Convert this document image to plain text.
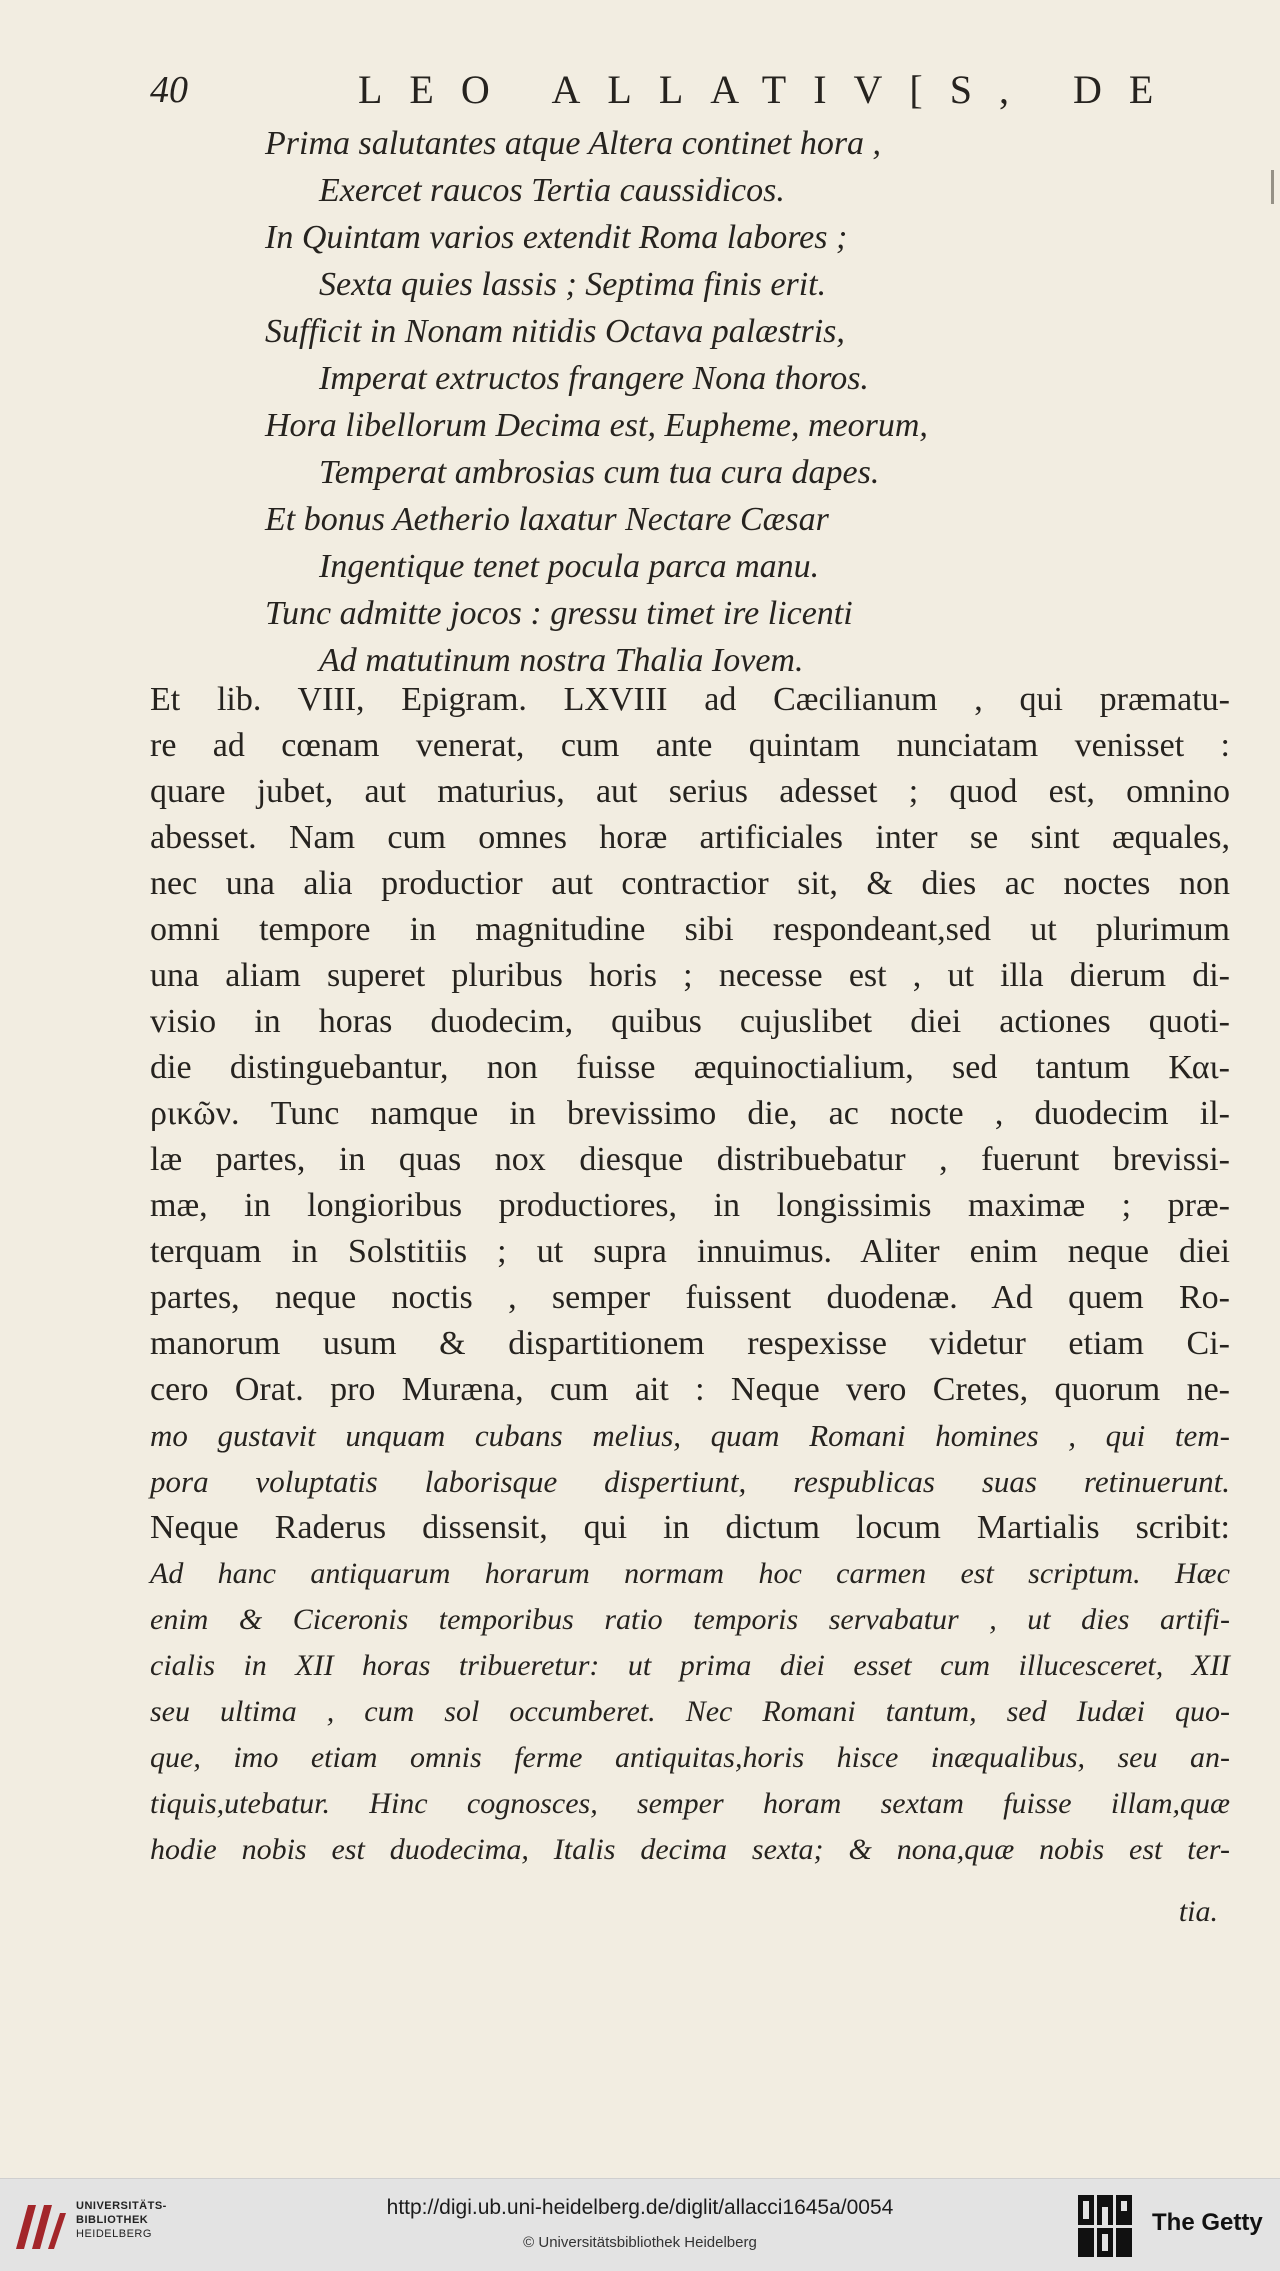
40	LEO ALLATIV[S, DE
Prima salutantes atque Altera continet hora ,
Exercet raucos Tertia caussidicos.
In Quintam varios extendit Roma labores ;
Sexta quies lassis ; Septima finis erit.
Sufficit in Nonam nitidis Octava palæstris,
Imperat extructos frangere Nona thoros.
Hora libellorum Decima est, Eupheme, meorum,
Temperat ambrosias cum tua cura dapes.
Et bonus Aetherio laxatur Nectare Cæsar
Ingentique tenet pocula parca manu.
Tunc admitte jocos : gressu timet ire licenti
Ad matutinum nostra Thalia Iovem.
Et lib. VIII, Epigram. LXVIII ad Cæcilianum , qui præmatu-
re ad cœnam venerat, cum ante quintam nunciatam venisset :
quare jubet, aut maturius, aut serius adesset ; quod est, omnino
abesset. Nam cum omnes horæ artificiales inter se sint æquales,
nec una alia productior aut contractior sit, & dies ac noctes non
omni tempore in magnitudine sibi respondeant,sed ut plurimum
una aliam superet pluribus horis ; necesse est , ut illa dierum di-
visio in horas duodecim, quibus cujuslibet diei actiones quoti-
die distinguebantur, non fuisse æquinoctialium, sed tantum Και-
ρικῶν. Tunc namque in brevissimo die, ac nocte , duodecim il-
læ partes, in quas nox diesque distribuebatur , fuerunt brevissi-
mæ, in longioribus productiores, in longissimis maximæ ; præ-
terquam in Solstitiis ; ut supra innuimus. Aliter enim neque diei
partes, neque noctis , semper fuissent duodenæ. Ad quem Ro-
manorum usum & dispartitionem respexisse videtur etiam Ci-
cero Orat. pro Muræna, cum ait : Neque vero Cretes, quorum ne-
mo gustavit unquam cubans melius, quam Romani homines , qui tem-
pora voluptatis laborisque dispertiunt, respublicas suas retinuerunt.
Neque Raderus dissensit, qui in dictum locum Martialis scribit:
Ad hanc antiquarum horarum normam hoc carmen est scriptum. Hæc
enim & Ciceronis temporibus ratio temporis servabatur , ut dies artifi-
cialis in XII horas tribueretur: ut prima diei esset cum illucesceret, XII
seu ultima , cum sol occumberet. Nec Romani tantum, sed Iudæi quo-
que, imo etiam omnis ferme antiquitas,horis hisce inæqualibus, seu an-
tiquis,utebatur. Hinc cognosces, semper horam sextam fuisse illam,quæ
hodie nobis est duodecima, Italis decima sexta; & nona,quæ nobis est ter-
tia.
UNIVERSITÄTS-
BIBLIOTHEK
HEIDELBERG
http://digi.ub.uni-heidelberg.de/diglit/allacci1645a/0054
© Universitätsbibliothek Heidelberg
The Getty
